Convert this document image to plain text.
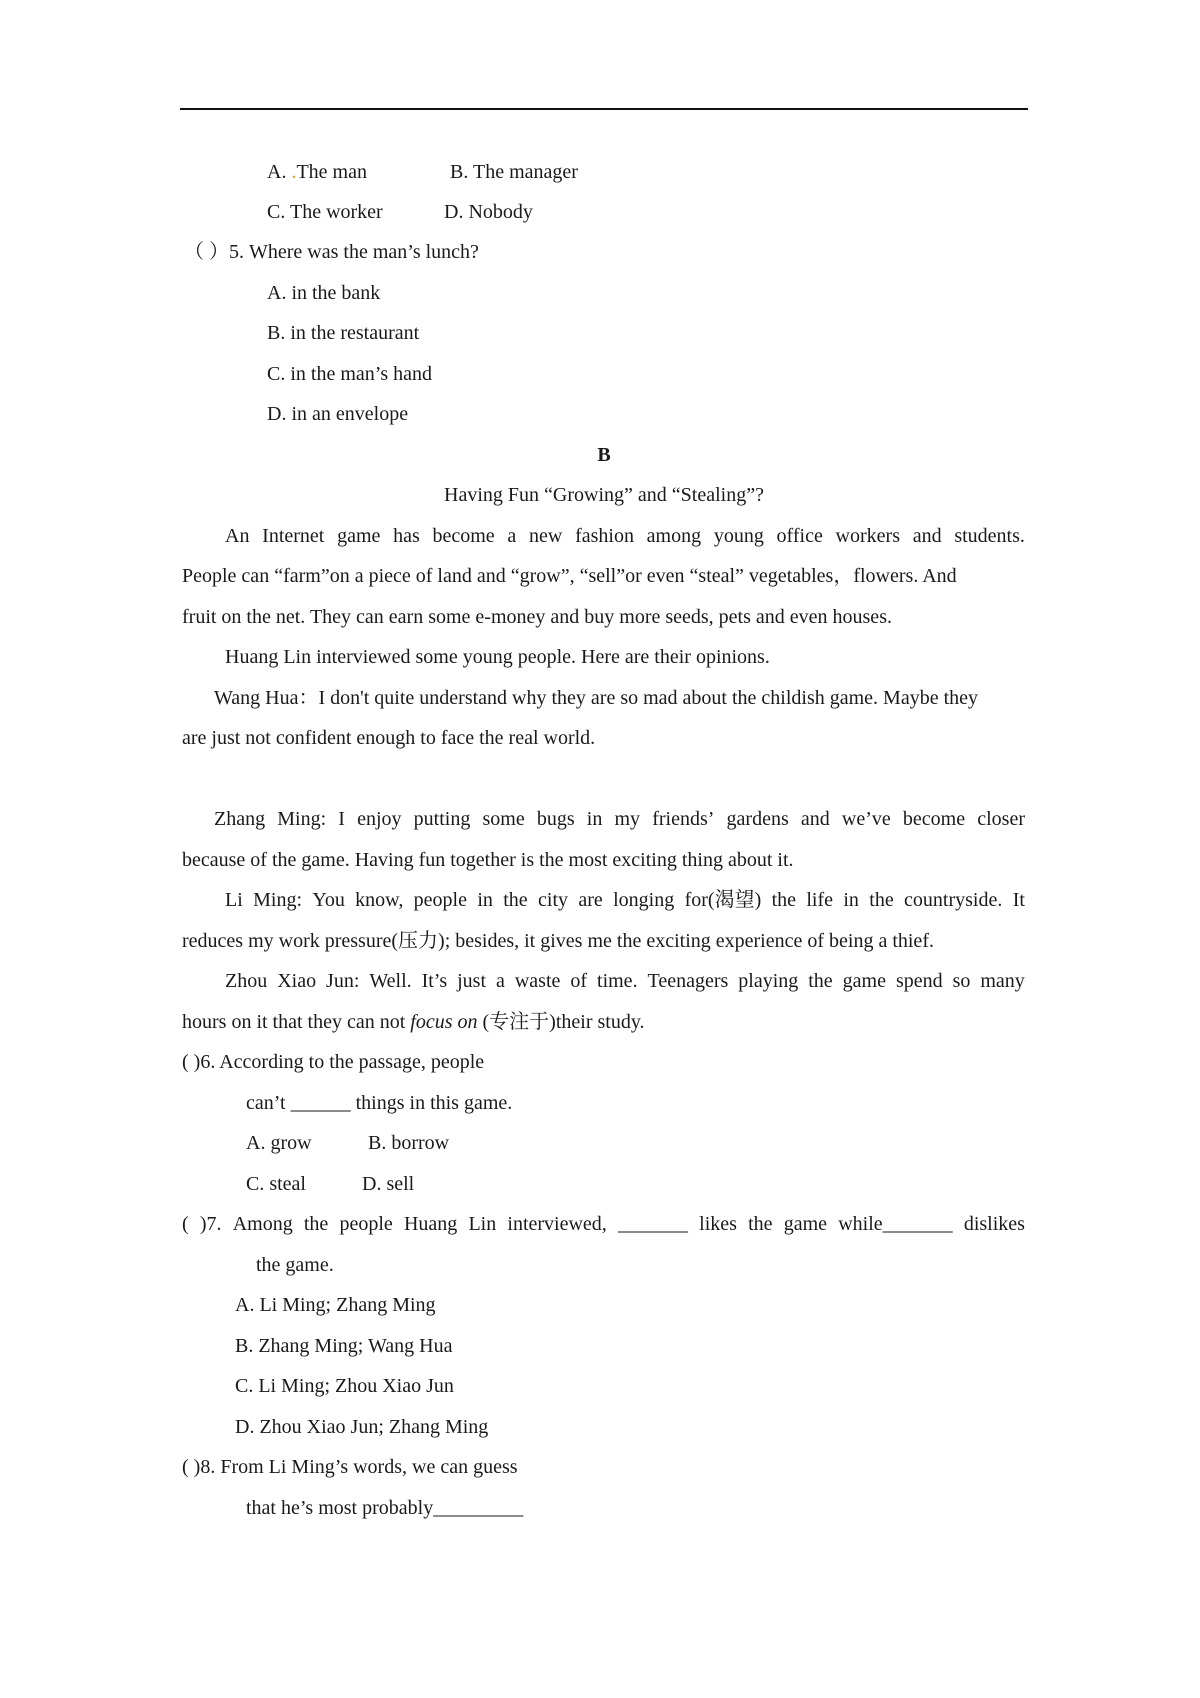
A. .The man	B. The manager
C. The worker	D. Nobody
（ ）5. Where was the man’s lunch?
A. in the bank
B. in the restaurant
C. in the man’s hand
D. in an envelope
B
Having Fun “Growing” and “Stealing”?
An Internet game has become a new fashion among young office workers and students.
People can “farm”on a piece of land and “grow”, “sell”or even “steal” vegetables，flowers. And
fruit on the net. They can earn some e-money and buy more seeds, pets and even houses.
Huang Lin interviewed some young people. Here are their opinions.
Wang Hua：I don't quite understand why they are so mad about the childish game. Maybe they
are just not confident enough to face the real world.
Zhang Ming: I enjoy putting some bugs in my friends’ gardens and we’ve become closer
because of the game. Having fun together is the most exciting thing about it.
Li Ming: You know, people in the city are longing for(渴望) the life in the countryside. It
reduces my work pressure(压力); besides, it gives me the exciting experience of being a thief.
Zhou Xiao Jun: Well. It’s just a waste of time. Teenagers playing the game spend so many
hours on it that they can not focus on (专注于)their study.
( )6. According to the passage, people
can’t ______ things in this game.
A. grow	B. borrow
C. steal	D. sell
( )7. Among the people Huang Lin interviewed, _______ likes the game while_______ dislikes
the game.
A. Li Ming; Zhang Ming
B. Zhang Ming; Wang Hua
C. Li Ming; Zhou Xiao Jun
D. Zhou Xiao Jun; Zhang Ming
( )8. From Li Ming’s words, we can guess
that he’s most probably_________
